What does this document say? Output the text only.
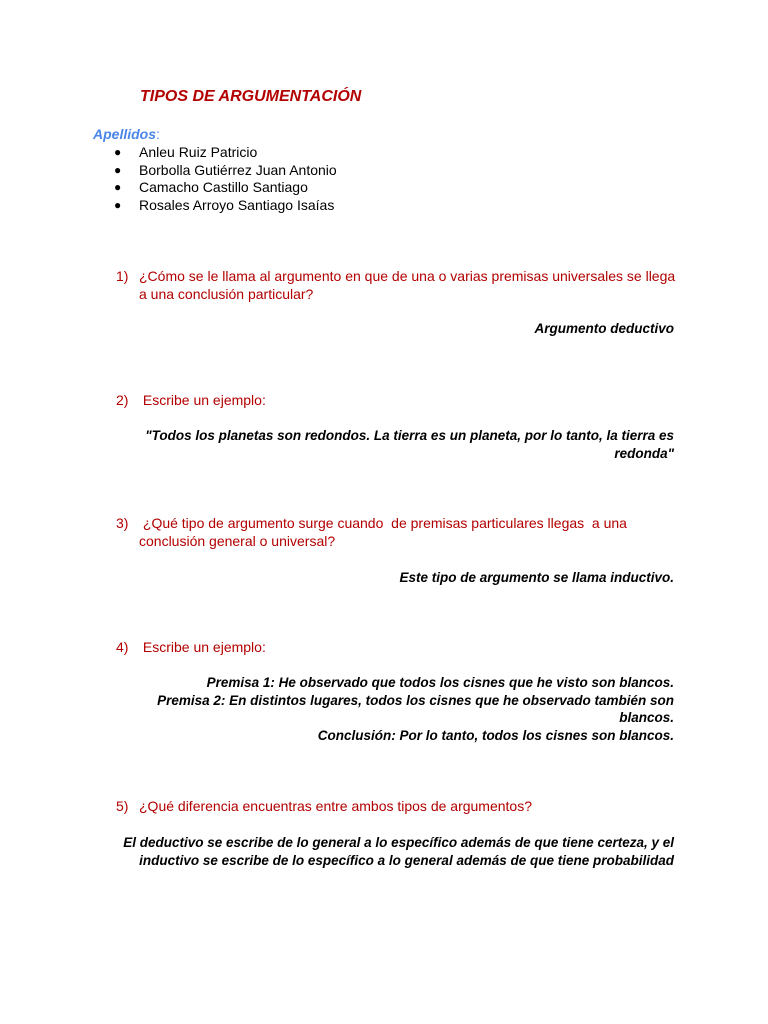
TIPOS DE ARGUMENTACIÓN
Apellidos:
● Anleu Ruiz Patricio
● Borbolla Gutiérrez Juan Antonio
● Camacho Castillo Santiago
● Rosales Arroyo Santiago Isaías
1) ¿Cómo se le llama al argumento en que de una o varias premisas universales se llega a una conclusión particular?

Argumento deductivo

2) Escribe un ejemplo:

"Todos los planetas son redondos. La tierra es un planeta, por lo tanto, la tierra es redonda"

3) ¿Qué tipo de argumento surge cuando  de premisas particulares llegas  a una conclusión general o universal?

Este tipo de argumento se llama inductivo.

4) Escribe un ejemplo:

Premisa 1: He observado que todos los cisnes que he visto son blancos.

Premisa 2: En distintos lugares, todos los cisnes que he observado también son blancos.

Conclusión: Por lo tanto, todos los cisnes son blancos.

5) ¿Qué diferencia encuentras entre ambos tipos de argumentos?

El deductivo se escribe de lo general a lo específico además de que tiene certeza, y el inductivo se escribe de lo específico a lo general además de que tiene probabilidad
